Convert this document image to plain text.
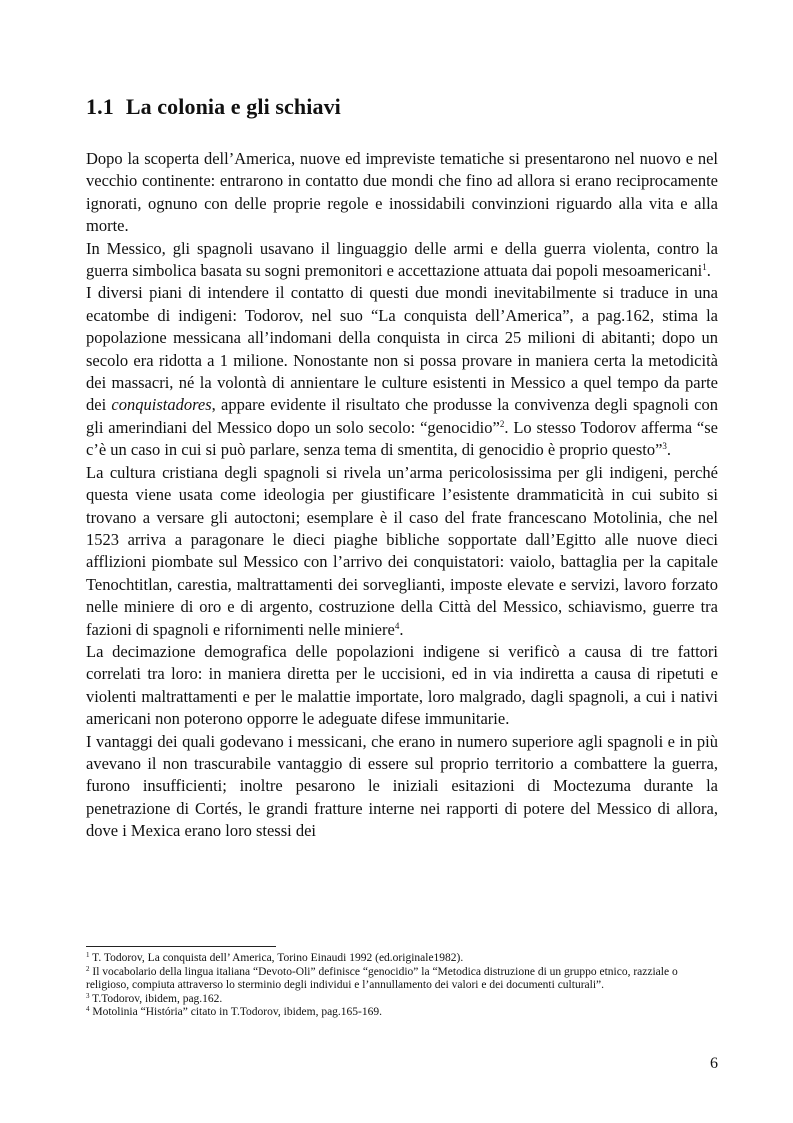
1.1 La colonia e gli schiavi

Dopo la scoperta dell’America, nuove ed impreviste tematiche si presentarono nel nuovo e nel vecchio continente: entrarono in contatto due mondi che fino ad allora si erano reciprocamente ignorati, ognuno con delle proprie regole e inossidabili convinzioni riguardo alla vita e alla morte.

In Messico, gli spagnoli usavano il linguaggio delle armi e della guerra violenta, contro la guerra simbolica basata su sogni premonitori e accettazione attuata dai popoli mesoamericani$^1$.

I diversi piani di intendere il contatto di questi due mondi inevitabilmente si traduce in una ecatombe di indigeni: Todorov, nel suo “La conquista dell’America”, a pag.162, stima la popolazione messicana all’indomani della conquista in circa 25 milioni di abitanti; dopo un secolo era ridotta a 1 milione. Nonostante non si possa provare in maniera certa la metodicità dei massacri, né la volontà di annientare le culture esistenti in Messico a quel tempo da parte dei conquistadores, appare evidente il risultato che produsse la convivenza degli spagnoli con gli amerindiani del Messico dopo un solo secolo: “genocidio”$^2$. Lo stesso Todorov afferma “se c’è un caso in cui si può parlare, senza tema di smentita, di genocidio è proprio questo”$^3$.

La cultura cristiana degli spagnoli si rivela un’arma pericolosissima per gli indigeni, perché questa viene usata come ideologia per giustificare l’esistente drammaticità in cui subito si trovano a versare gli autoctoni; esemplare è il caso del frate francescano Motolinia, che nel 1523 arriva a paragonare le dieci piaghe bibliche sopportate dall’Egitto alle nuove dieci afflizioni piombate sul Messico con l’arrivo dei conquistatori: vaiolo, battaglia per la capitale Tenochtitlan, carestia, maltrattamenti dei sorveglianti, imposte elevate e servizi, lavoro forzato nelle miniere di oro e di argento, costruzione della Città del Messico, schiavismo, guerre tra fazioni di spagnoli e rifornimenti nelle miniere$^4$.

La decimazione demografica delle popolazioni indigene si verificò a causa di tre fattori correlati tra loro: in maniera diretta per le uccisioni, ed in via indiretta a causa di ripetuti e violenti maltrattamenti e per le malattie importate, loro malgrado, dagli spagnoli, a cui i nativi americani non poterono opporre le adeguate difese immunitarie.

I vantaggi dei quali godevano i messicani, che erano in numero superiore agli spagnoli e in più avevano il non trascurabile vantaggio di essere sul proprio territorio a combattere la guerra, furono insufficienti; inoltre pesarono le iniziali esitazioni di Moctezuma durante la penetrazione di Cortés, le grandi fratture interne nei rapporti di potere del Messico di allora, dove i Mexica erano loro stessi dei

$^1$ T. Todorov, La conquista dell’ America, Torino Einaudi 1992 (ed.originale1982).

$^2$ Il vocabolario della lingua italiana “Devoto-Oli” definisce “genocidio” la “Metodica distruzione di un gruppo etnico, razziale o religioso, compiuta attraverso lo sterminio degli individui e l’annullamento dei valori e dei documenti culturali”.

$^3$ T.Todorov, ibidem, pag.162.

$^4$ Motolinia “História” citato in T.Todorov, ibidem, pag.165-169.

6
